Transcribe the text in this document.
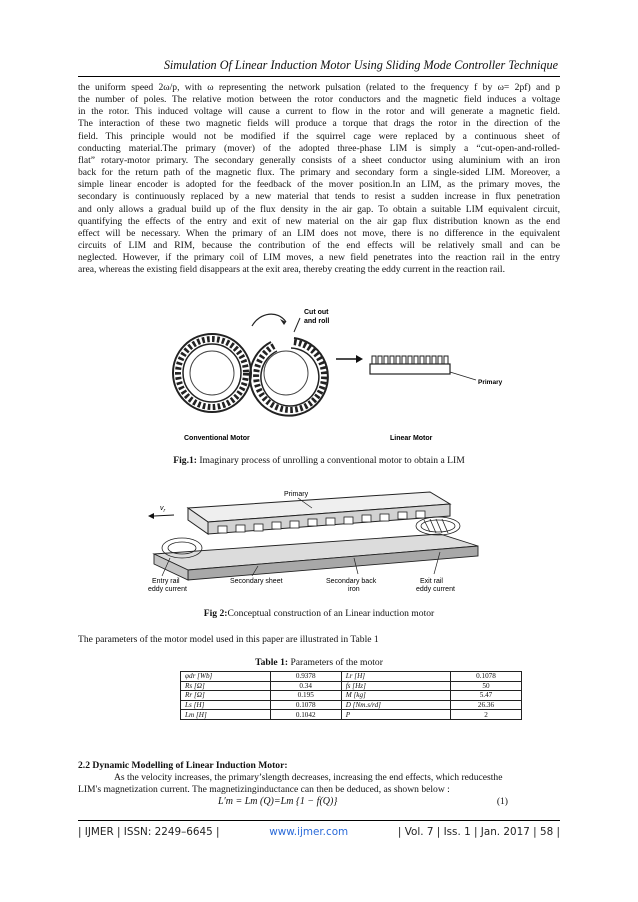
Simulation Of Linear Induction Motor Using Sliding Mode Controller Technique
the uniform speed 2ω/p, with ω representing the network pulsation (related to the frequency f by ω= 2pf) and p
the number of poles. The relative motion between the rotor conductors and the magnetic field induces a voltage
in the rotor. This induced voltage will cause a current to flow in the rotor and will generate a magnetic field.
The interaction of these two magnetic fields will produce a torque that drags the rotor in the direction of the
field. This principle would not be modified if the squirrel cage were replaced by a continuous sheet of
conducting material.The primary (mover) of the adopted three-phase LIM is simply a “cut-open-and-rolled-
flat” rotary-motor primary. The secondary generally consists of a sheet conductor using aluminium with an iron
back for the return path of the magnetic flux. The primary and secondary form a single-sided LIM. Moreover, a
simple linear encoder is adopted for the feedback of the mover position.In an LIM, as the primary moves, the
secondary is continuously replaced by a new material that tends to resist a sudden increase in flux penetration
and only allows a gradual build up of the flux density in the air gap. To obtain a suitable LIM equivalent circuit,
quantifying the effects of the entry and exit of new material on the air gap flux distribution known as the end
effect will be necessary. When the primary of an LIM does not move, there is no difference in the equivalent
circuits of LIM and RIM, because the contribution of the end effects will be relatively small and can be
neglected. However, if the primary coil of LIM moves, a new field penetrates into the reaction rail in the entry
area, whereas the existing field disappears at the exit area, thereby creating the eddy current in the reaction rail.
Cut out
and roll
Primary
Conventional Motor	Linear Motor
Fig.1: Imaginary process of unrolling a conventional motor to obtain a LIM
$v_r$
Primary
Entry rail
eddy current
Secondary sheet	Secondary back
iron
Exit rail
eddy current
Fig 2:Conceptual construction of an Linear induction motor
The parameters of the motor model used in this paper are illustrated in Table 1
Table 1: Parameters of the motor
φdr [Wb]	0.9378	Lr [H]	0.1078
Rs [Ω]	0.34	fs [Hz]	50
Rr [Ω]	0.195	M [kg]	5.47
Ls [H]	0.1078	D [Nm.s/rd]	26.36
Lm [H]	0.1042	P	2
2.2 Dynamic Modelling of Linear Induction Motor:
As the velocity increases, the primary’slength decreases, increasing the end effects, which reducesthe
LIM's magnetization current. The magnetizinginductance can then be deduced, as shown below :
L′m = Lm (Q)=Lm {1 − f(Q)}	(1)
| IJMER | ISSN: 2249–6645 |	www.ijmer.com	| Vol. 7 | Iss. 1 | Jan. 2017 | 58 |
